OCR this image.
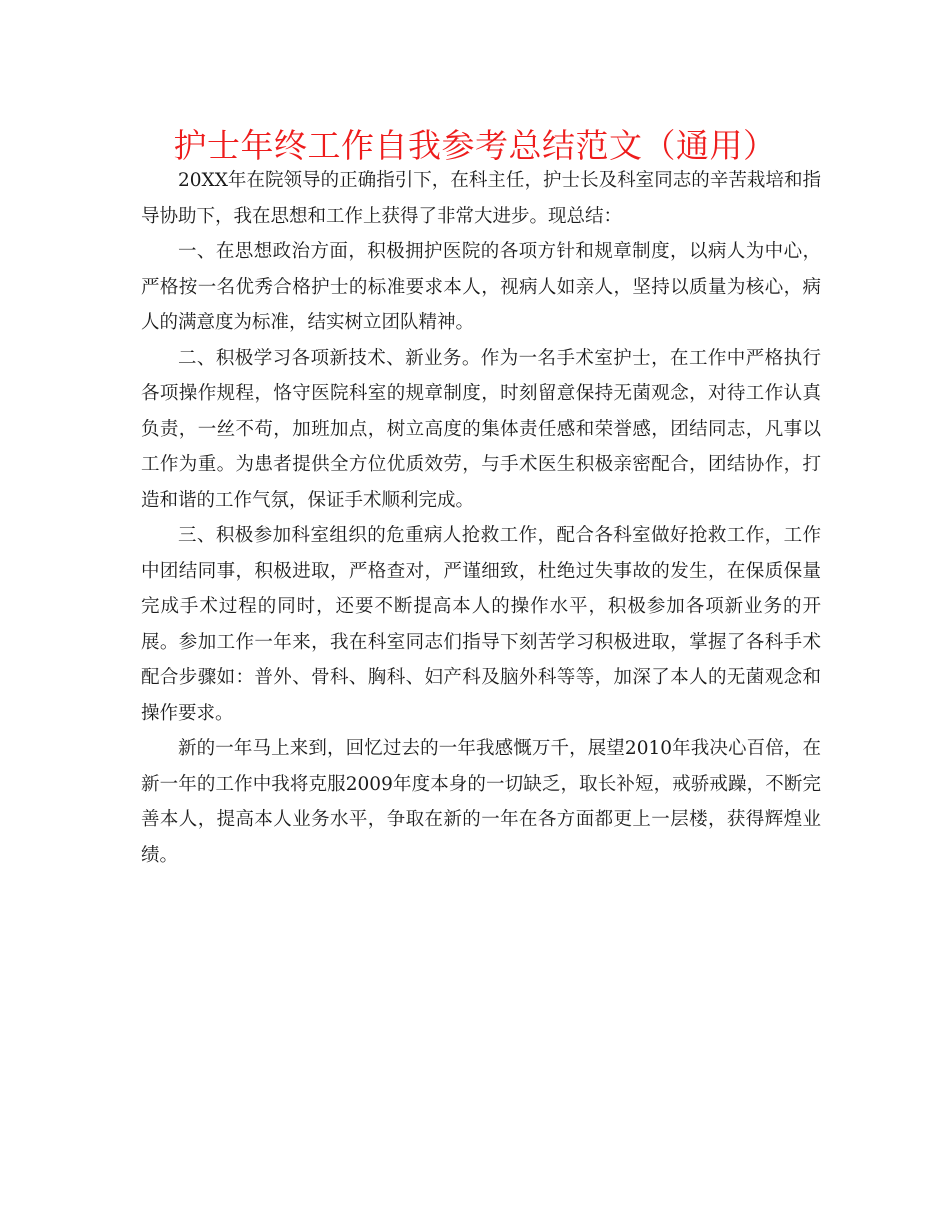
护士年终工作自我参考总结范文（通用）

20XX年在院领导的正确指引下，在科主任，护士长及科室同志的辛苦栽培和指导协助下，我在思想和工作上获得了非常大进步。现总结：

一、在思想政治方面，积极拥护医院的各项方针和规章制度，以病人为中心，严格按一名优秀合格护士的标准要求本人，视病人如亲人，坚持以质量为核心，病人的满意度为标准，结实树立团队精神。

二、积极学习各项新技术、新业务。作为一名手术室护士，在工作中严格执行各项操作规程，恪守医院科室的规章制度，时刻留意保持无菌观念，对待工作认真负责，一丝不苟，加班加点，树立高度的集体责任感和荣誉感，团结同志，凡事以工作为重。为患者提供全方位优质效劳，与手术医生积极亲密配合，团结协作，打造和谐的工作气氛，保证手术顺利完成。

三、积极参加科室组织的危重病人抢救工作，配合各科室做好抢救工作，工作中团结同事，积极进取，严格查对，严谨细致，杜绝过失事故的发生，在保质保量完成手术过程的同时，还要不断提高本人的操作水平，积极参加各项新业务的开展。参加工作一年来，我在科室同志们指导下刻苦学习积极进取，掌握了各科手术配合步骤如：普外、骨科、胸科、妇产科及脑外科等等，加深了本人的无菌观念和操作要求。

新的一年马上来到，回忆过去的一年我感慨万千，展望2010年我决心百倍，在新一年的工作中我将克服2009年度本身的一切缺乏，取长补短，戒骄戒躁，不断完善本人，提高本人业务水平，争取在新的一年在各方面都更上一层楼，获得辉煌业绩。
